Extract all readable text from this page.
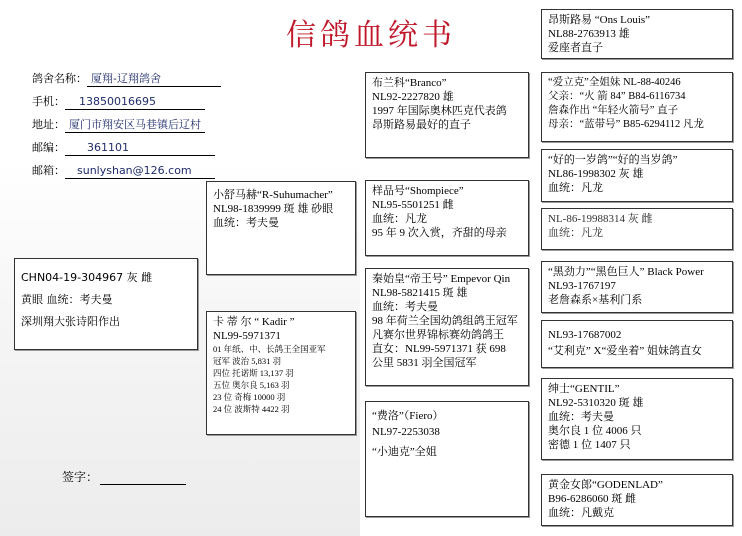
信鸽血统书
鸽舍名称： 厦翔-辽翔鸽舍
手机： 13850016695
地址： 厦门市翔安区马巷镇后辽村
邮编： 361101
邮箱： sunlyshan@126.com

CHN04-19-304967 灰 雌

黄眼 血统：考夫曼

深圳翔大张诗阳作出

小舒马赫“R-Suhumacher”

NL98-1839999 斑 雄 砂眼

血统：考夫曼

卡 蒂 尔 “ Kadir ”

NL99-5971371

01 年纸、中、长鸽王全国亚军

冠军 波治 5,831 羽

四位 托诺斯 13,137 羽

五位 奥尔良 5,163 羽

23 位 奇梅 10000 羽

24 位 波斯特 4422 羽

布兰科“Branco”

NL92-2227820 雄

1997 年国际奥林匹克代表鸽

昂斯路易最好的直子

样品号“Shompiece”

NL95-5501251 雌

血统：凡龙

95 年 9 次入赏，齐甜的母亲

秦始皇“帝王号” Empevor Qin

NL98-5821415 斑 雄

血统：考夫曼

98 年荷兰全国幼鸽组鸽王冠军

凡赛尔世界锦标赛幼鸽鸽王

直女：NL99-5971371 获 698

公里 5831 羽全国冠军

“费洛”（Fiero）

NL97-2253038

“小迪克”全姐

昂斯路易 “Ons Louis”

NL88-2763913 雄

爱座者直子

“爱立克”全姐妹 NL-88-40246

父亲：“火 箭 84” B84-6116734

詹森作出 “年轻火箭号” 直子

母亲：“蓝带号” B85-6294112 凡龙

“好的一岁鸽”“好的当岁鸽”

NL86-1998302 灰 雄

血统：凡龙

NL-86-19988314 灰 雌

血统：凡龙

“黑劲力”“黑色巨人” Black Power

NL93-1767197

老詹森系×基利门系

NL93-17687002

“艾利克” X“爱坐着” 姐妹鸽直女

绅士“GENTIL”

NL92-5310320 斑 雄

血统：考夫曼

奥尔良 1 位 4006 只

密德 1 位 1407 只

黄金女郎“GODENLAD”

B96-6286060 斑 雌

血统：凡戴克

签字：
